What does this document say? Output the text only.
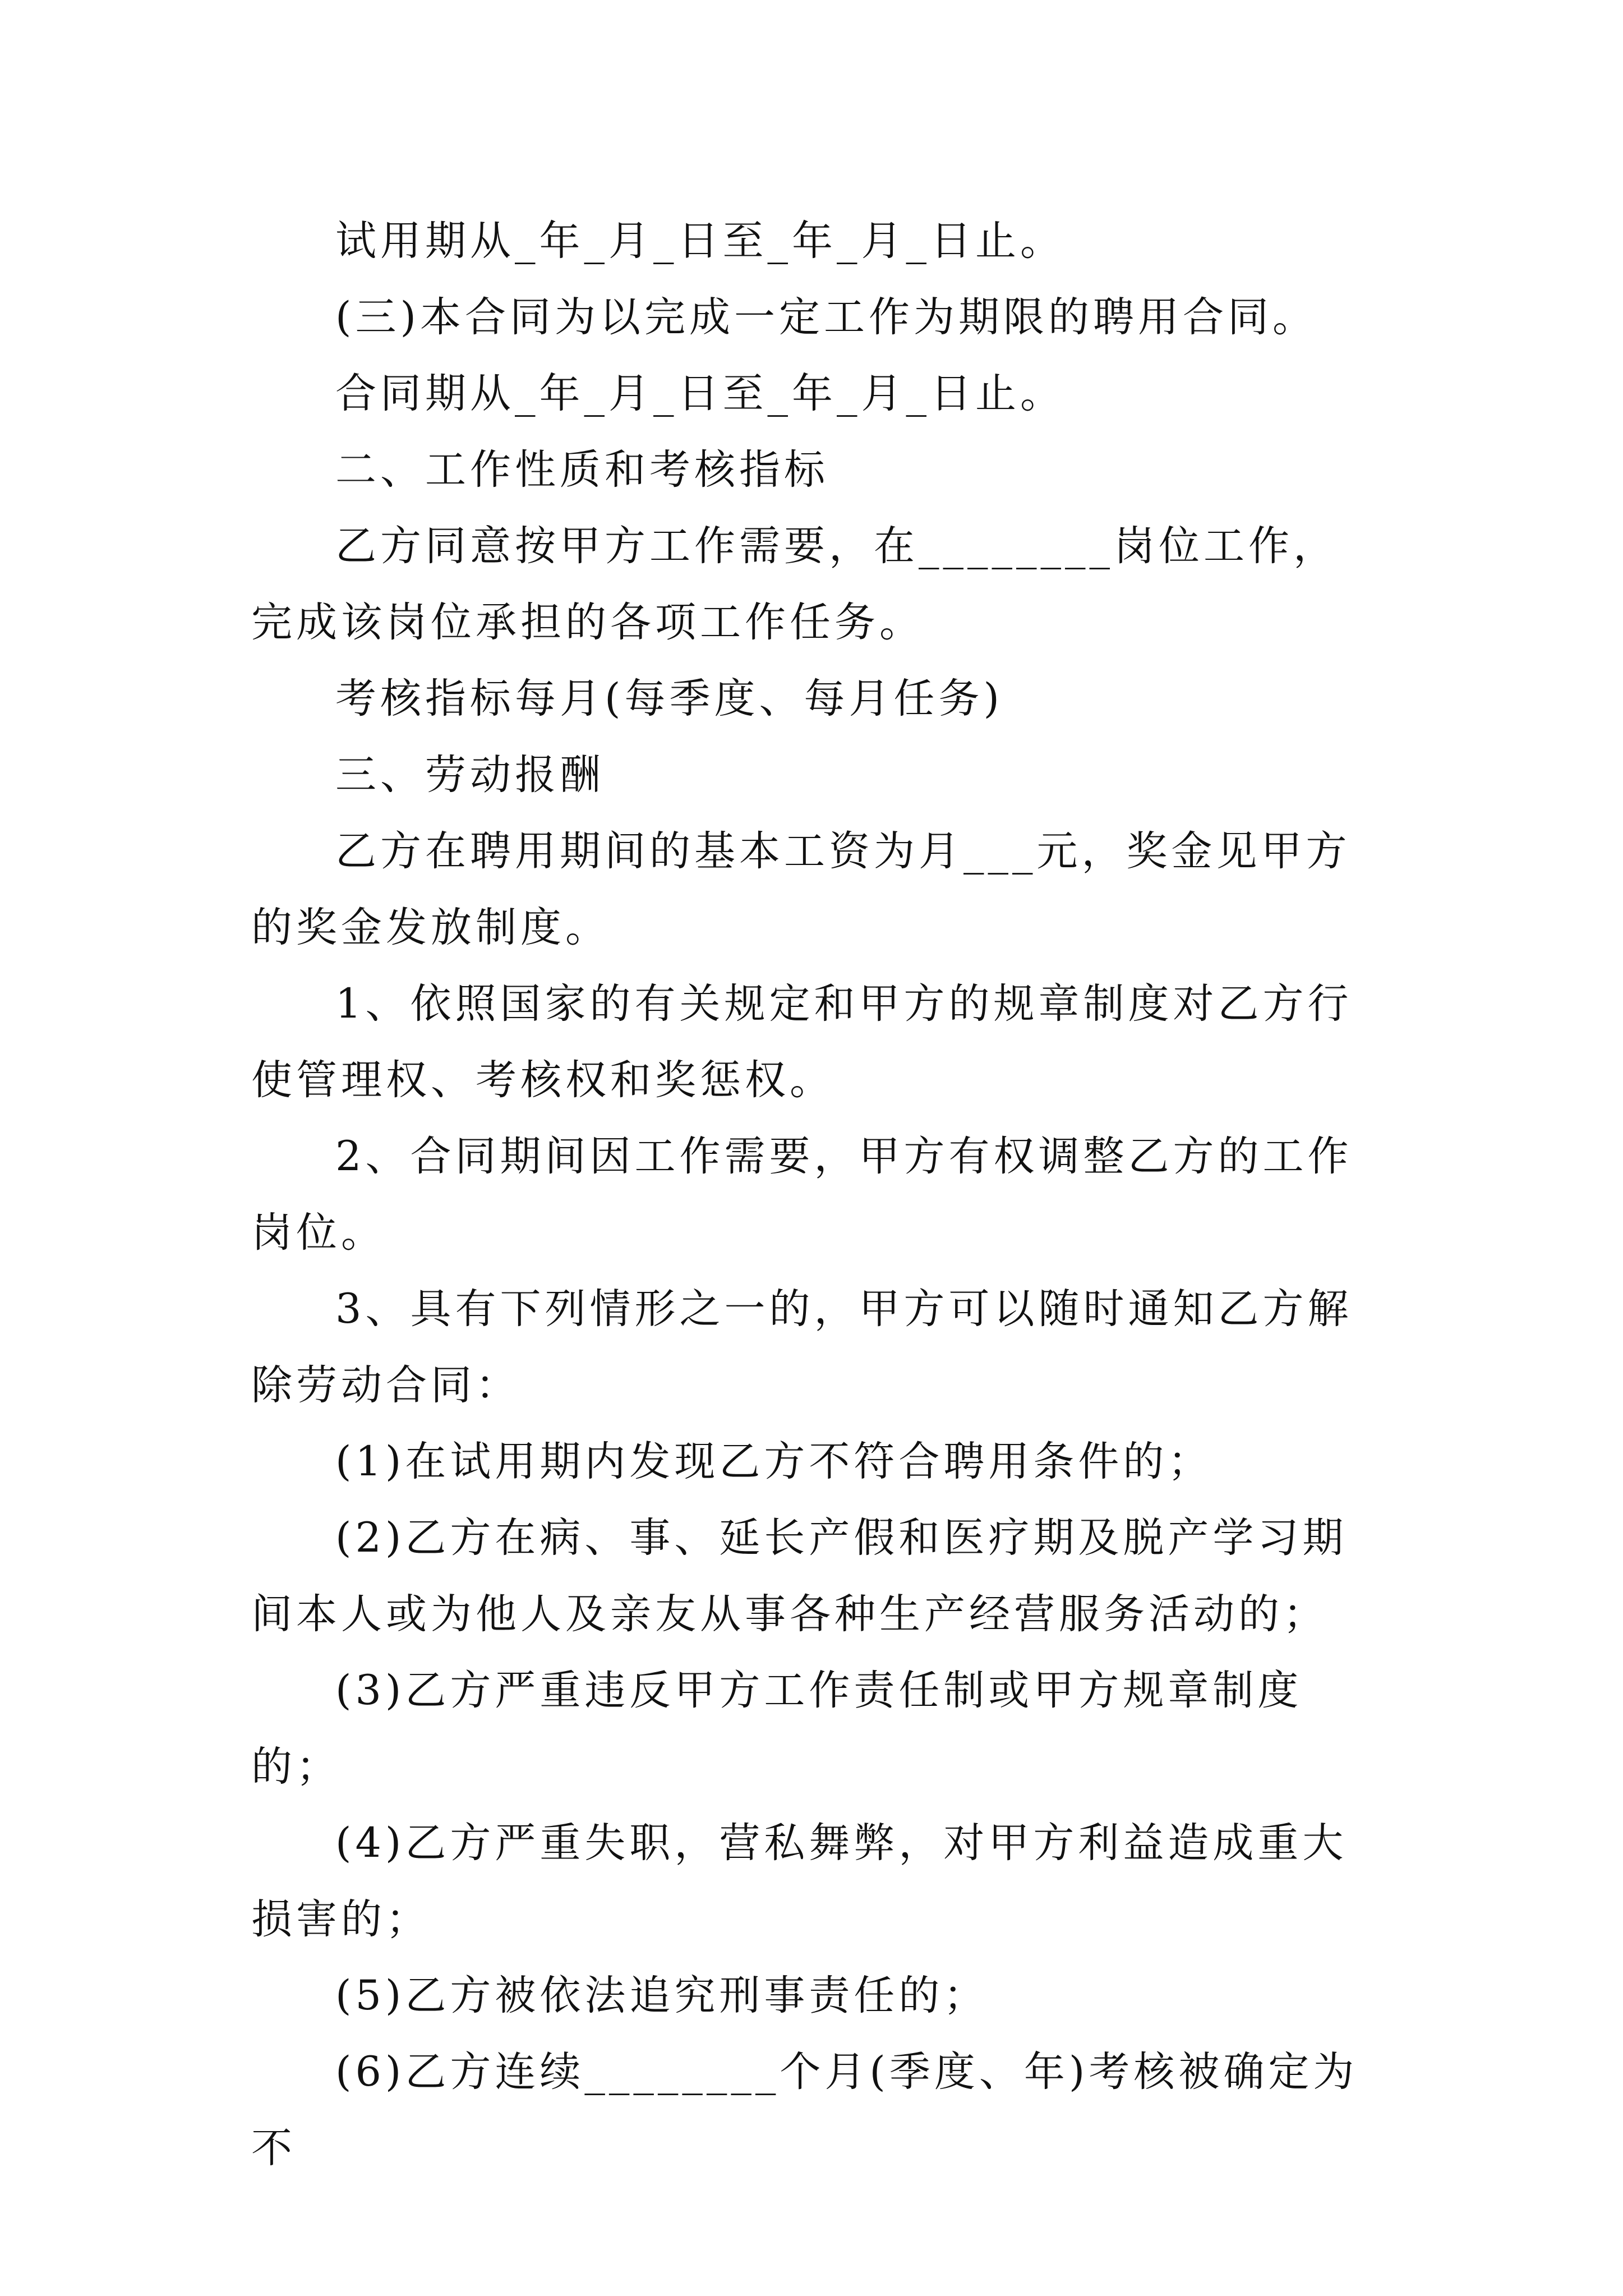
试用期从_年_月_日至_年_月_日止。

(三)本合同为以完成一定工作为期限的聘用合同。

合同期从_年_月_日至_年_月_日止。

二、工作性质和考核指标

乙方同意按甲方工作需要，在________岗位工作，完成该岗位承担的各项工作任务。

考核指标每月(每季度、每月任务)

三、劳动报酬

乙方在聘用期间的基本工资为月___元，奖金见甲方的奖金发放制度。

1、依照国家的有关规定和甲方的规章制度对乙方行使管理权、考核权和奖惩权。

2、合同期间因工作需要，甲方有权调整乙方的工作岗位。

3、具有下列情形之一的，甲方可以随时通知乙方解除劳动合同：

(1)在试用期内发现乙方不符合聘用条件的；

(2)乙方在病、事、延长产假和医疗期及脱产学习期间本人或为他人及亲友从事各种生产经营服务活动的；

(3)乙方严重违反甲方工作责任制或甲方规章制度的；

(4)乙方严重失职，营私舞弊，对甲方利益造成重大损害的；

(5)乙方被依法追究刑事责任的；

(6)乙方连续________个月(季度、年)考核被确定为不
